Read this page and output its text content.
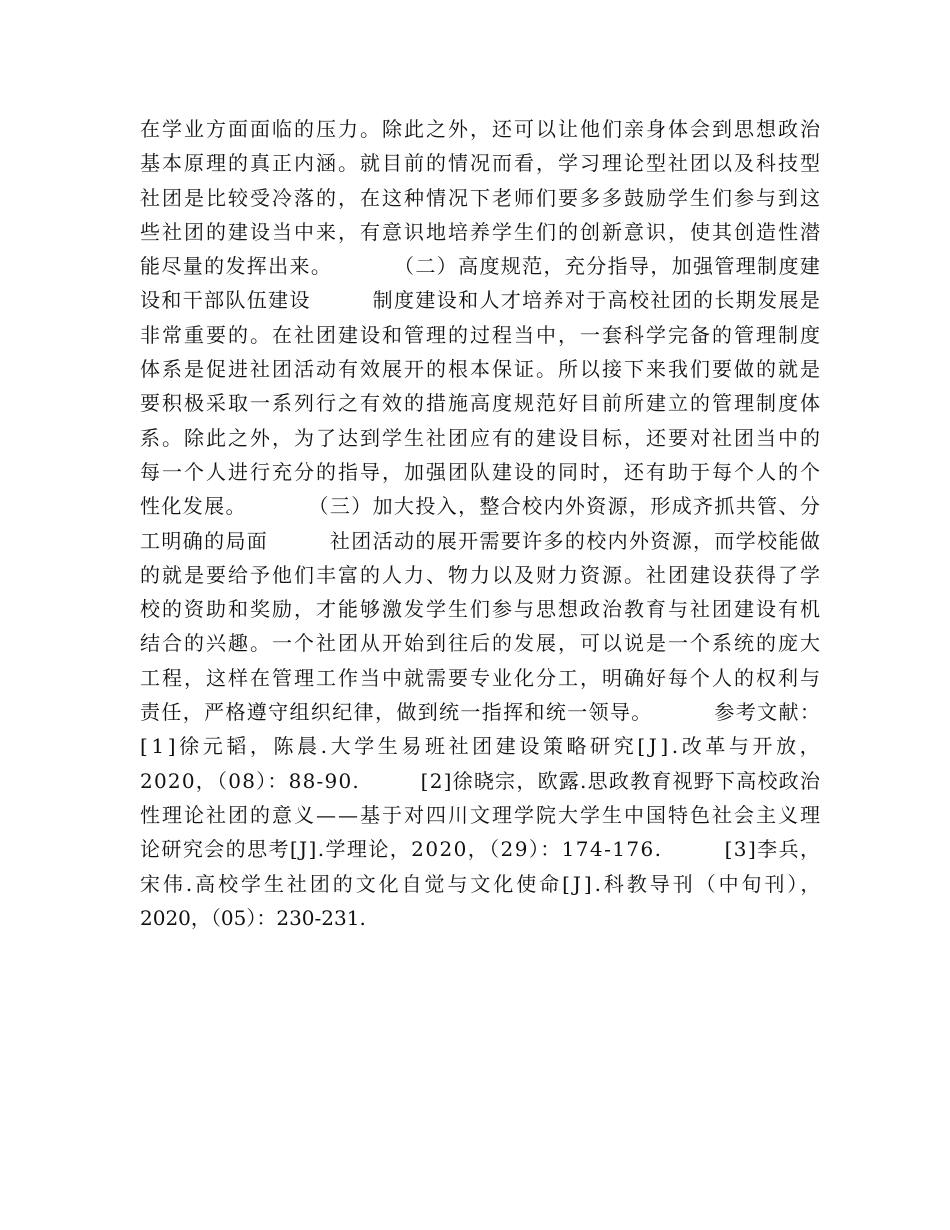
在学业方面面临的压力。除此之外，还可以让他们亲身体会到思想政治
基本原理的真正内涵。就目前的情况而看，学习理论型社团以及科技型
社团是比较受冷落的，在这种情况下老师们要多多鼓励学生们参与到这
些社团的建设当中来，有意识地培养学生们的创新意识，使其创造性潜
能尽量的发挥出来。        （二）高度规范，充分指导，加强管理制度建
设和干部队伍建设        制度建设和人才培养对于高校社团的长期发展是
非常重要的。在社团建设和管理的过程当中，一套科学完备的管理制度
体系是促进社团活动有效展开的根本保证。所以接下来我们要做的就是
要积极采取一系列行之有效的措施高度规范好目前所建立的管理制度体
系。除此之外，为了达到学生社团应有的建设目标，还要对社团当中的
每一个人进行充分的指导，加强团队建设的同时，还有助于每个人的个
性化发展。        （三）加大投入，整合校内外资源，形成齐抓共管、分
工明确的局面        社团活动的展开需要许多的校内外资源，而学校能做
的就是要给予他们丰富的人力、物力以及财力资源。社团建设获得了学
校的资助和奖励，才能够激发学生们参与思想政治教育与社团建设有机
结合的兴趣。一个社团从开始到往后的发展，可以说是一个系统的庞大
工程，这样在管理工作当中就需要专业化分工，明确好每个人的权利与
责任，严格遵守组织纪律，做到统一指挥和统一领导。        参考文献：
[1]徐元韬，陈晨.大学生易班社团建设策略研究[J].改革与开放，
2020，（08）：88-90.        [2]徐晓宗，欧露.思政教育视野下高校政治
性理论社团的意义——基于对四川文理学院大学生中国特色社会主义理
论研究会的思考[J].学理论，2020，（29）：174-176.        [3]李兵，
宋伟.高校学生社团的文化自觉与文化使命[J].科教导刊（中旬刊），
2020，（05）：230-231.
